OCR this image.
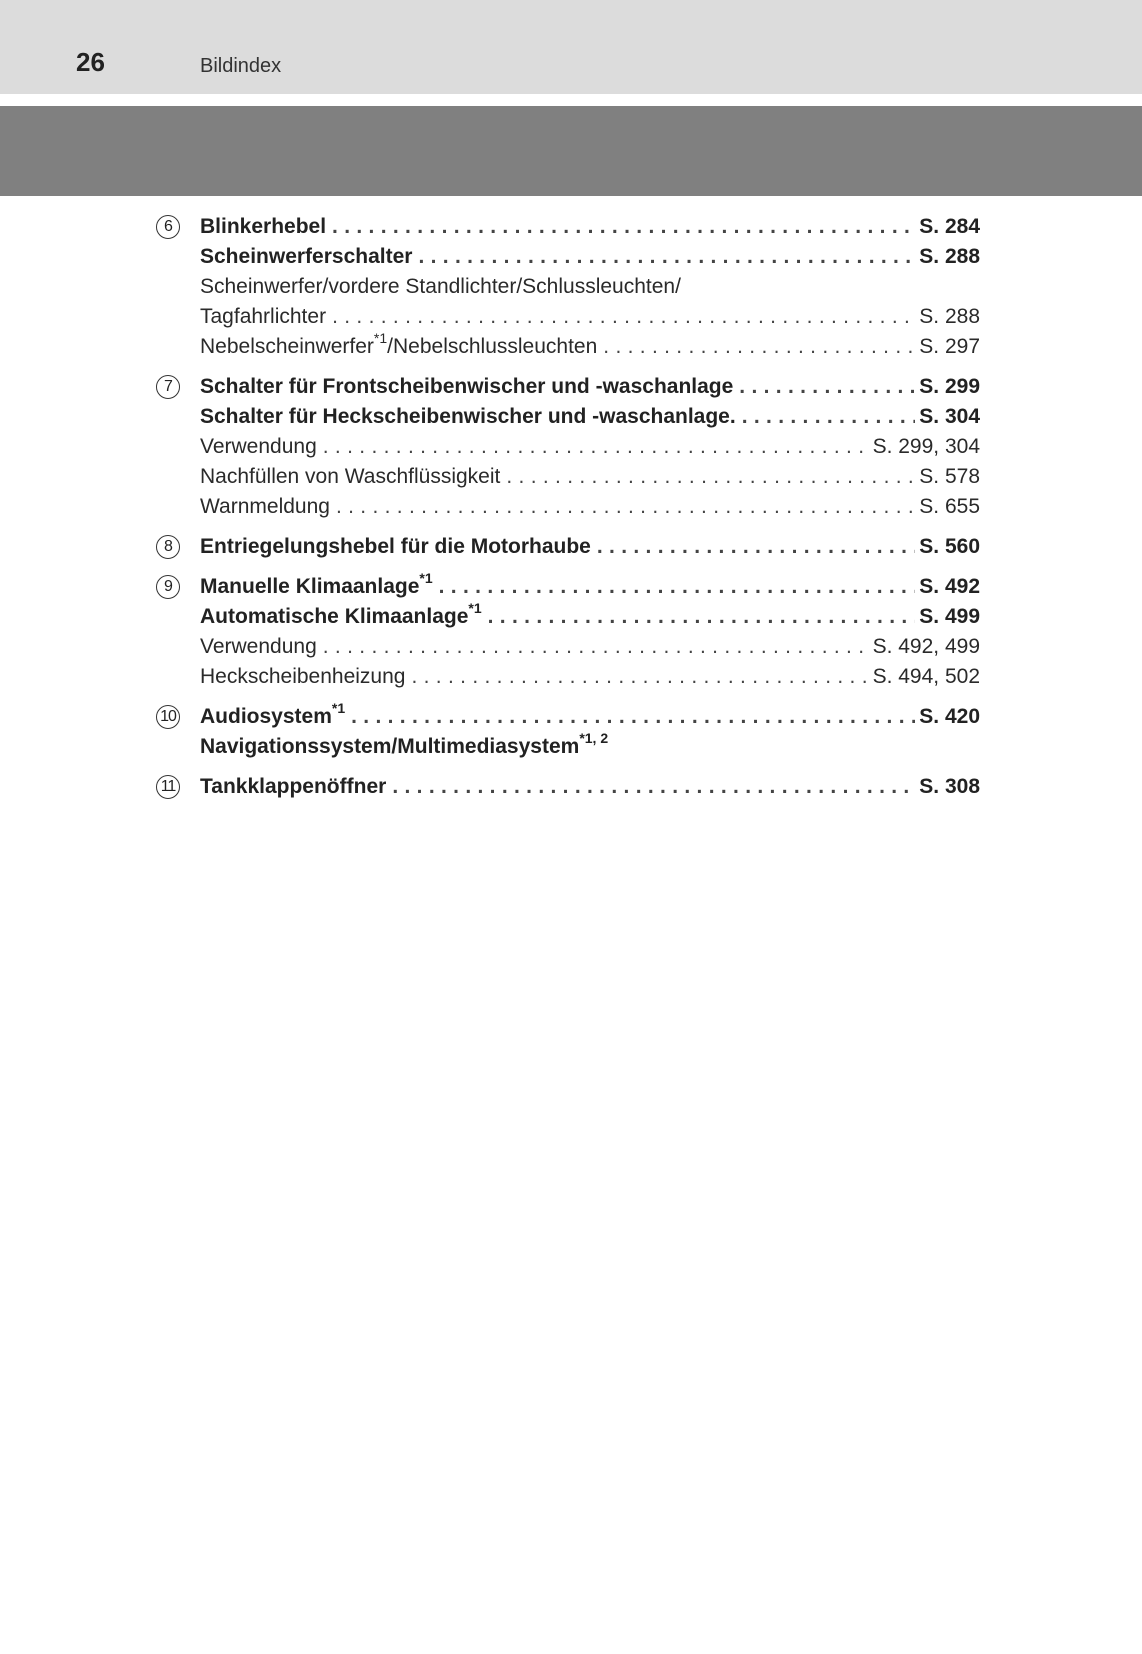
26	Bildindex
6	Blinkerhebel . . .	S. 284
Scheinwerferschalter . . .	S. 288
Scheinwerfer/vordere Standlichter/Schlussleuchten/
Tagfahrlichter . . .	S. 288
Nebelscheinwerfer$^{*1}$/Nebelschlussleuchten . . .	S. 297
7	Schalter für Frontscheibenwischer und -waschanlage . . .	S. 299
Schalter für Heckscheibenwischer und -waschanlage. . . .	S. 304
Verwendung . . .	S. 299, 304
Nachfüllen von Waschflüssigkeit . . .	S. 578
Warnmeldung . . .	S. 655
8	Entriegelungshebel für die Motorhaube . . .	S. 560
9	Manuelle Klimaanlage$^{*1}$ . . .	S. 492
Automatische Klimaanlage$^{*1}$ . . .	S. 499
Verwendung . . .	S. 492, 499
Heckscheibenheizung . . .	S. 494, 502
10 Audiosystem$^{*1}$ . . .	S. 420
Navigationssystem/Multimediasystem$^{*1, 2}$
11 Tankklappenöffner . . .	S. 308
